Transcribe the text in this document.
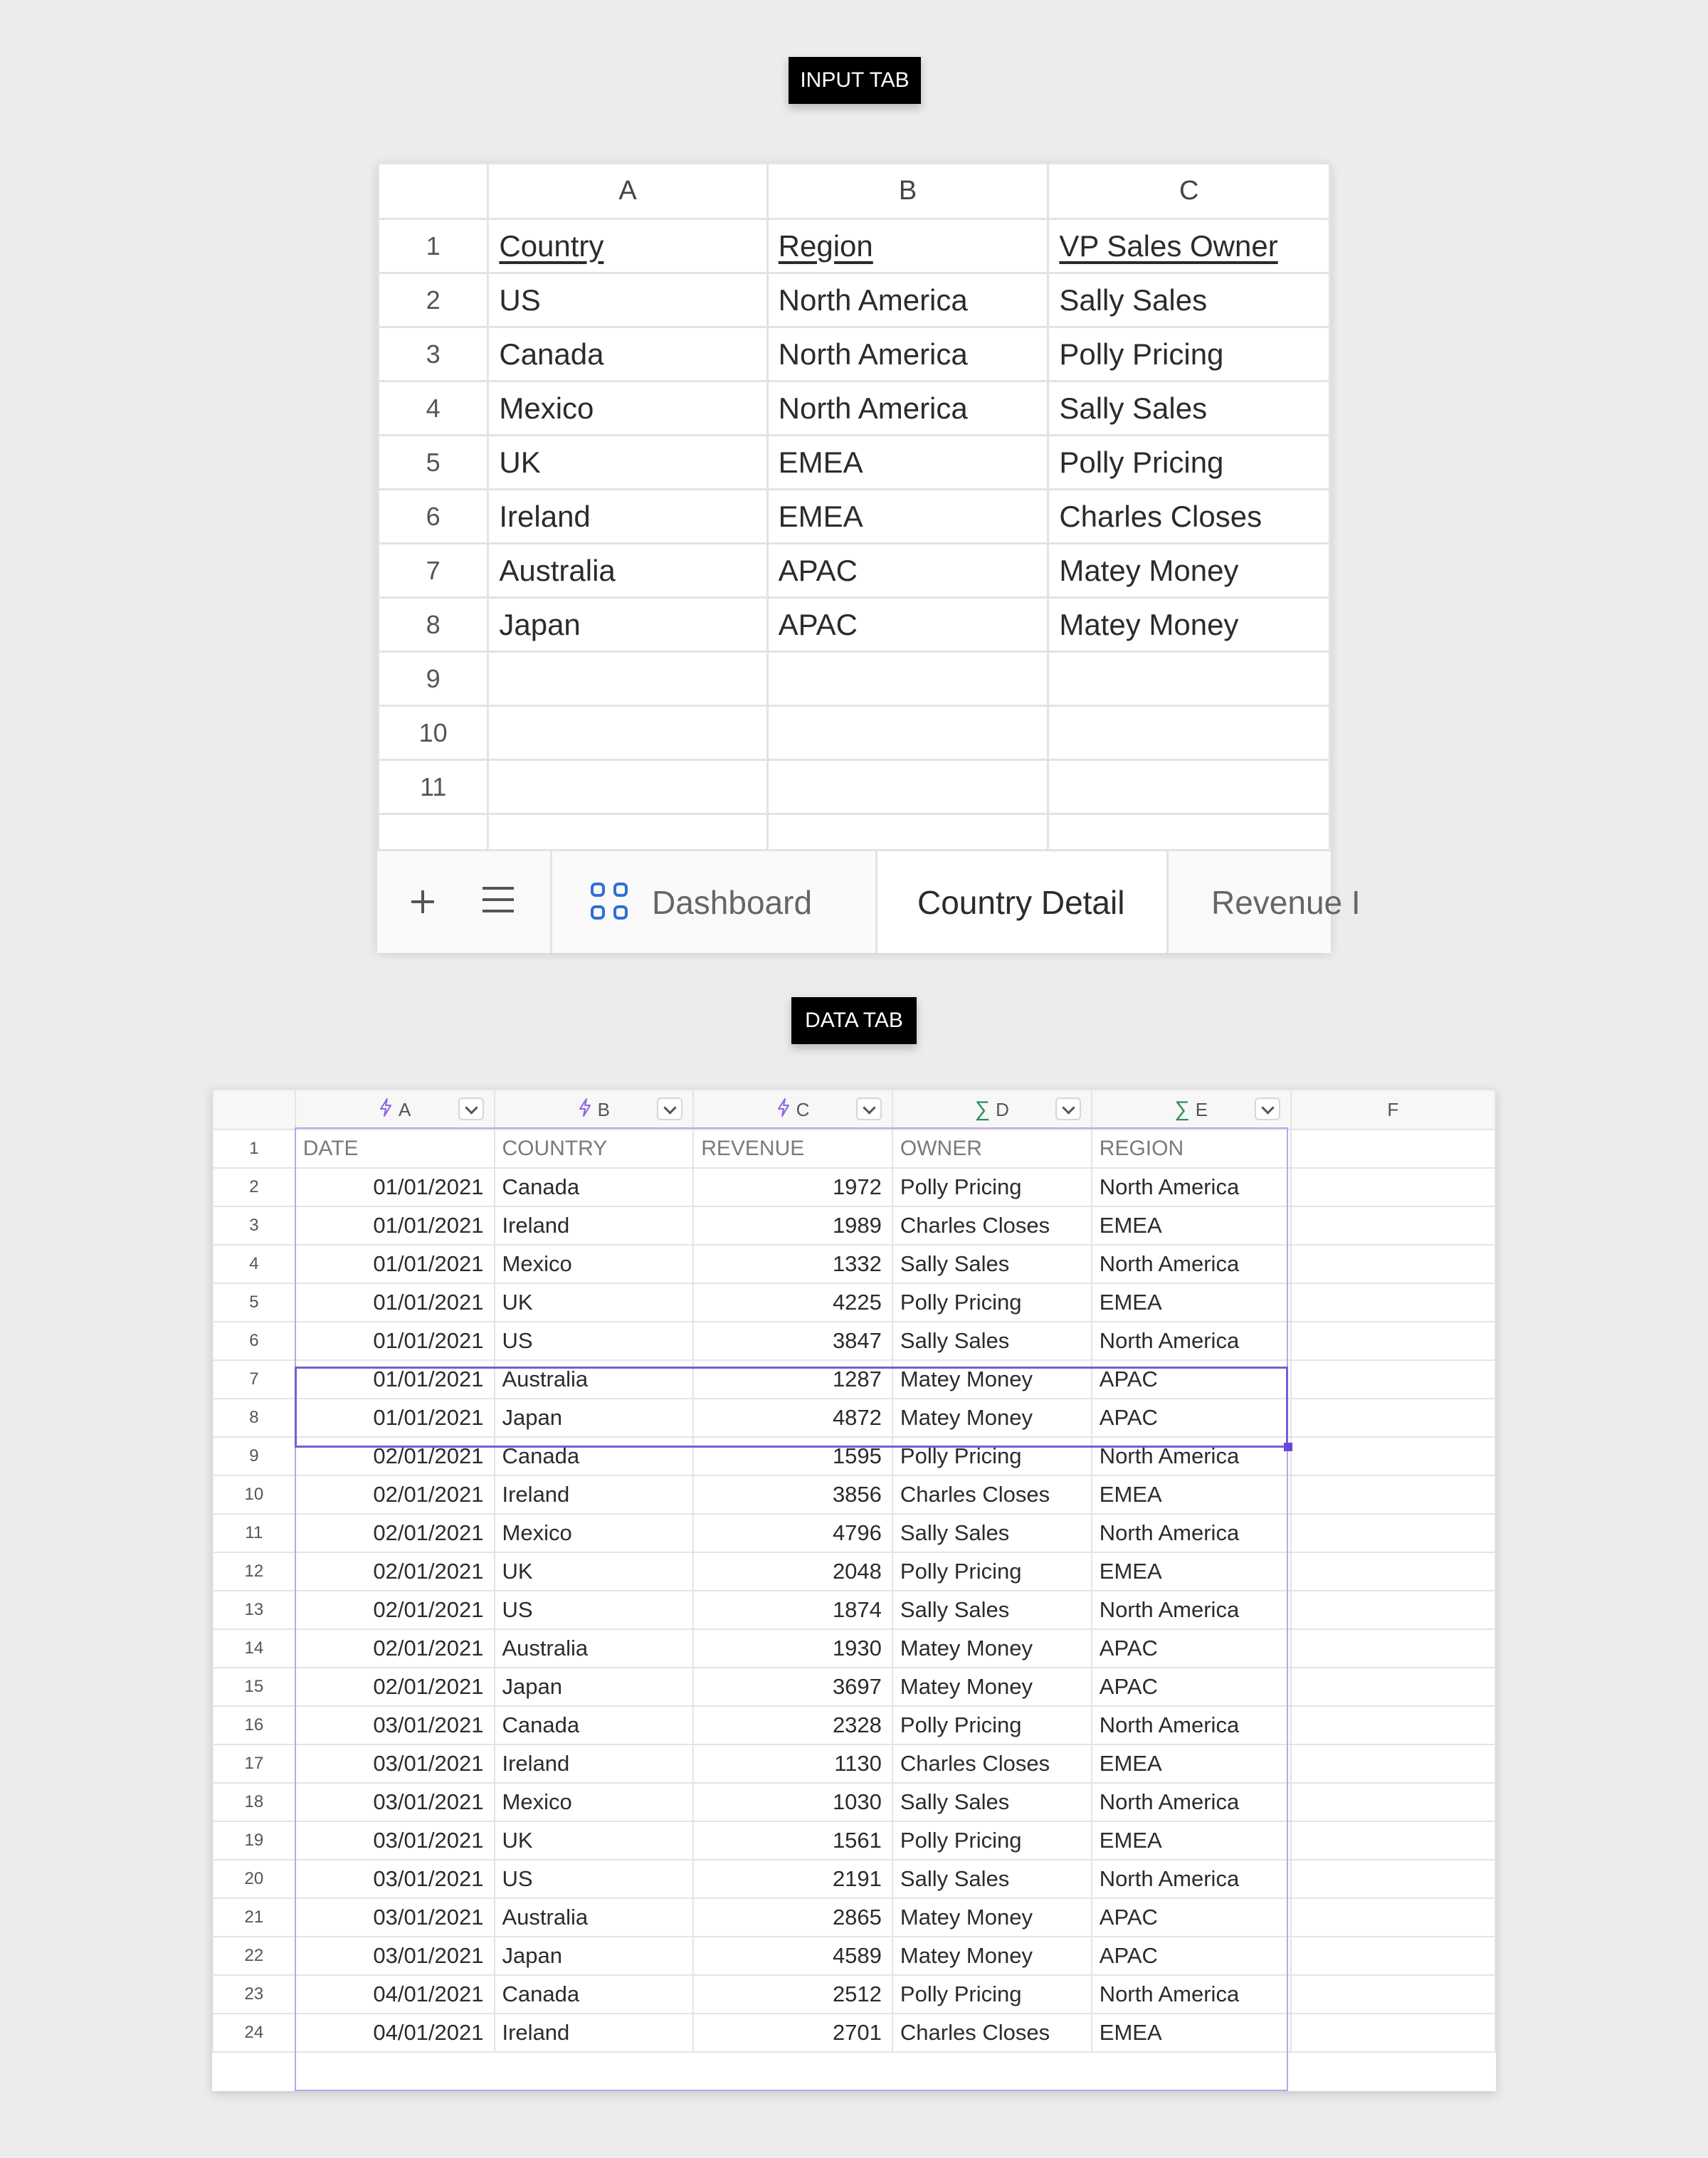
INPUT TAB
	A	B	C
1	Country	Region	VP Sales Owner
2	US	North America	Sally Sales
3	Canada	North America	Polly Pricing
4	Mexico	North America	Sally Sales
5	UK	EMEA	Polly Pricing
6	Ireland	EMEA	Charles Closes
7	Australia	APAC	Matey Money
8	Japan	APAC	Matey Money
9			
10			
11			

Dashboard	Country Detail	Revenue I
DATA TAB

	A	B	C	∑ D	∑ E	F

1	DATE	COUNTRY	REVENUE	OWNER	REGION	
2	01/01/2021	Canada	1972	Polly Pricing	North America	
3	01/01/2021	Ireland	1989	Charles Closes	EMEA	
4	01/01/2021	Mexico	1332	Sally Sales	North America	
5	01/01/2021	UK	4225	Polly Pricing	EMEA	
6	01/01/2021	US	3847	Sally Sales	North America	
7	01/01/2021	Australia	1287	Matey Money	APAC	
8	01/01/2021	Japan	4872	Matey Money	APAC	
9	02/01/2021	Canada	1595	Polly Pricing	North America	
10	02/01/2021	Ireland	3856	Charles Closes	EMEA	
11	02/01/2021	Mexico	4796	Sally Sales	North America	
12	02/01/2021	UK	2048	Polly Pricing	EMEA	
13	02/01/2021	US	1874	Sally Sales	North America	
14	02/01/2021	Australia	1930	Matey Money	APAC	
15	02/01/2021	Japan	3697	Matey Money	APAC	
16	03/01/2021	Canada	2328	Polly Pricing	North America	
17	03/01/2021	Ireland	1130	Charles Closes	EMEA	
18	03/01/2021	Mexico	1030	Sally Sales	North America	
19	03/01/2021	UK	1561	Polly Pricing	EMEA	
20	03/01/2021	US	2191	Sally Sales	North America	
21	03/01/2021	Australia	2865	Matey Money	APAC	
22	03/01/2021	Japan	4589	Matey Money	APAC	
23	04/01/2021	Canada	2512	Polly Pricing	North America	
24	04/01/2021	Ireland	2701	Charles Closes	EMEA	
